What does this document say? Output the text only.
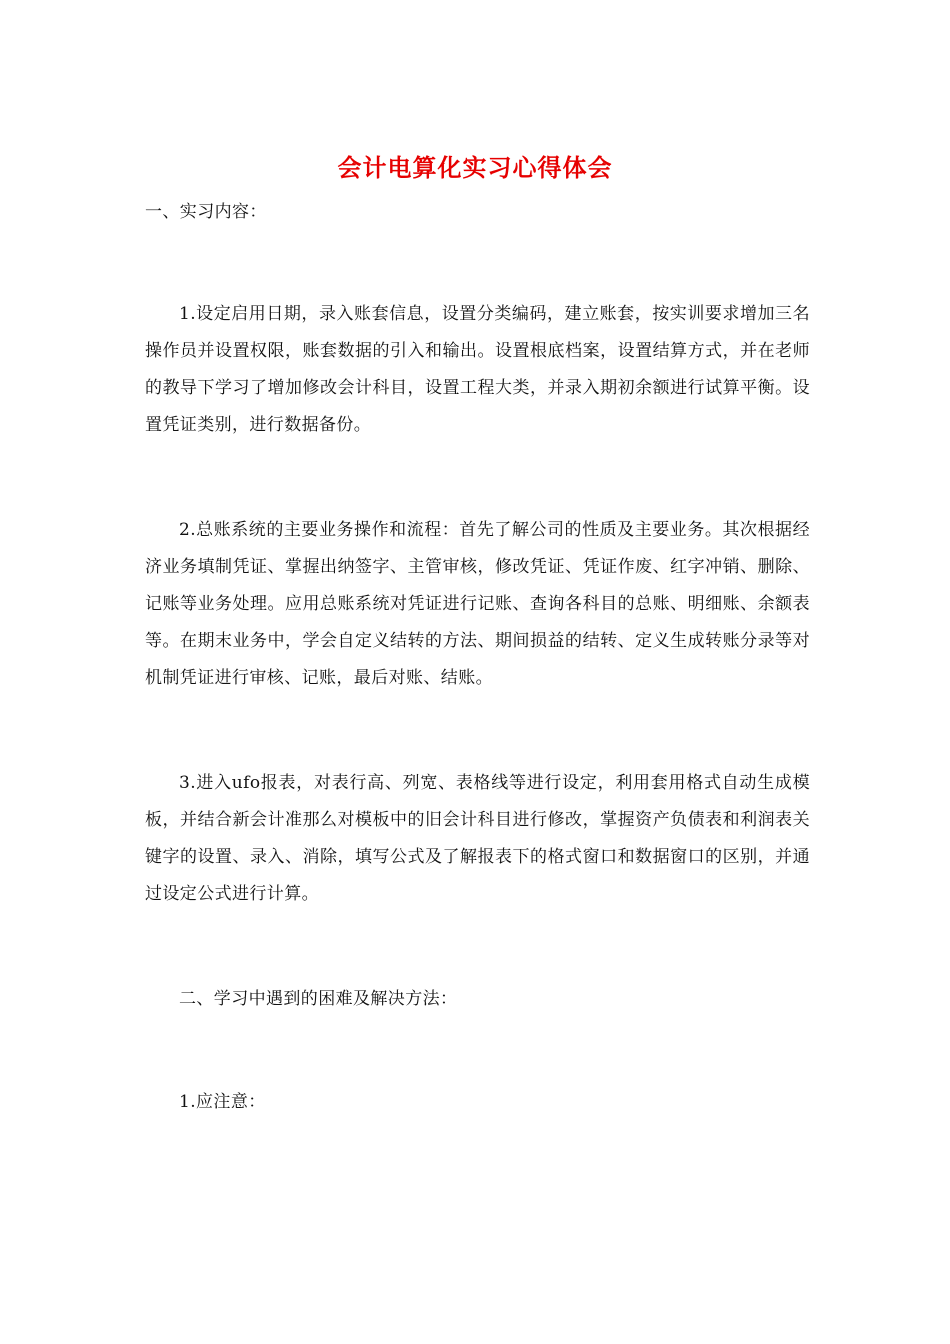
会计电算化实习心得体会

一、实习内容：

1.设定启用日期，录入账套信息，设置分类编码，建立账套，按实训要求增加三名操作员并设置权限，账套数据的引入和输出。设置根底档案，设置结算方式，并在老师的教导下学习了增加修改会计科目，设置工程大类，并录入期初余额进行试算平衡。设置凭证类别，进行数据备份。

2.总账系统的主要业务操作和流程：首先了解公司的性质及主要业务。其次根据经济业务填制凭证、掌握出纳签字、主管审核，修改凭证、凭证作废、红字冲销、删除、记账等业务处理。应用总账系统对凭证进行记账、查询各科目的总账、明细账、余额表等。在期末业务中，学会自定义结转的方法、期间损益的结转、定义生成转账分录等对机制凭证进行审核、记账，最后对账、结账。

3.进入ufo报表，对表行高、列宽、表格线等进行设定，利用套用格式自动生成模板，并结合新会计准那么对模板中的旧会计科目进行修改，掌握资产负债表和利润表关键字的设置、录入、消除，填写公式及了解报表下的格式窗口和数据窗口的区别，并通过设定公式进行计算。

二、学习中遇到的困难及解决方法：

1.应注意：
